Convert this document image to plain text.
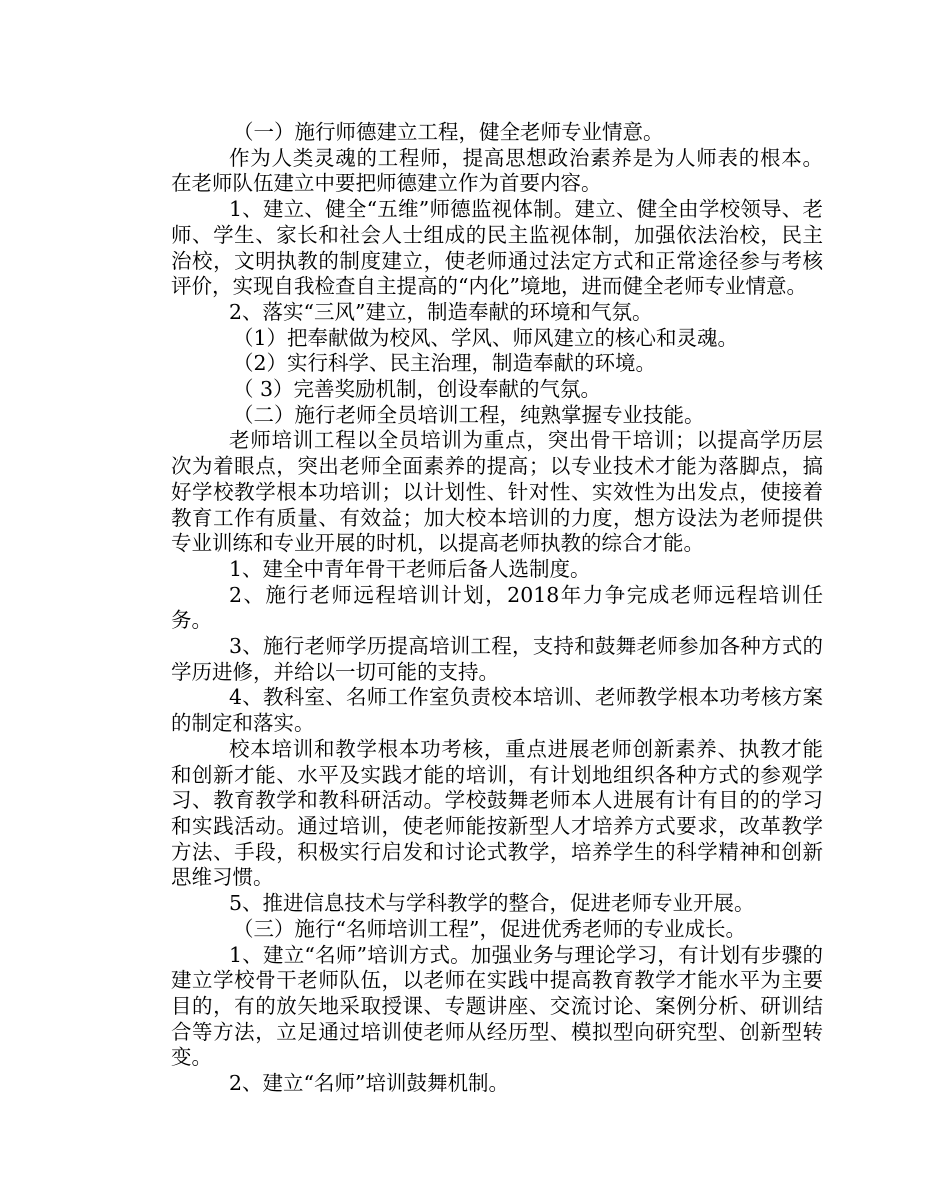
（一）施行师德建立工程，健全老师专业情意。

作为人类灵魂的工程师，提高思想政治素养是为人师表的根本。在老师队伍建立中要把师德建立作为首要内容。

1、建立、健全“五维”师德监视体制。建立、健全由学校领导、老师、学生、家长和社会人士组成的民主监视体制，加强依法治校，民主治校，文明执教的制度建立，使老师通过法定方式和正常途径参与考核评价，实现自我检查自主提高的“内化”境地，进而健全老师专业情意。

2、落实“三风”建立，制造奉献的环境和气氛。

（1）把奉献做为校风、学风、师风建立的核心和灵魂。

（2）实行科学、民主治理，制造奉献的环境。

（ 3）完善奖励机制，创设奉献的气氛。

（二）施行老师全员培训工程，纯熟掌握专业技能。

老师培训工程以全员培训为重点，突出骨干培训；以提高学历层次为着眼点，突出老师全面素养的提高；以专业技术才能为落脚点，搞好学校教学根本功培训；以计划性、针对性、实效性为出发点，使接着教育工作有质量、有效益；加大校本培训的力度，想方设法为老师提供专业训练和专业开展的时机，以提高老师执教的综合才能。

1、建全中青年骨干老师后备人选制度。

2、施行老师远程培训计划，2018年力争完成老师远程培训任务。

3、施行老师学历提高培训工程，支持和鼓舞老师参加各种方式的学历进修，并给以一切可能的支持。

4、教科室、名师工作室负责校本培训、老师教学根本功考核方案的制定和落实。

校本培训和教学根本功考核，重点进展老师创新素养、执教才能和创新才能、水平及实践才能的培训，有计划地组织各种方式的参观学习、教育教学和教科研活动。学校鼓舞老师本人进展有计有目的的学习和实践活动。通过培训，使老师能按新型人才培养方式要求，改革教学方法、手段，积极实行启发和讨论式教学，培养学生的科学精神和创新思维习惯。

5、推进信息技术与学科教学的整合，促进老师专业开展。

（三）施行“名师培训工程”，促进优秀老师的专业成长。

1、建立“名师”培训方式。加强业务与理论学习，有计划有步骤的建立学校骨干老师队伍，以老师在实践中提高教育教学才能水平为主要目的，有的放矢地采取授课、专题讲座、交流讨论、案例分析、研训结合等方法，立足通过培训使老师从经历型、模拟型向研究型、创新型转变。

2、建立“名师”培训鼓舞机制。
